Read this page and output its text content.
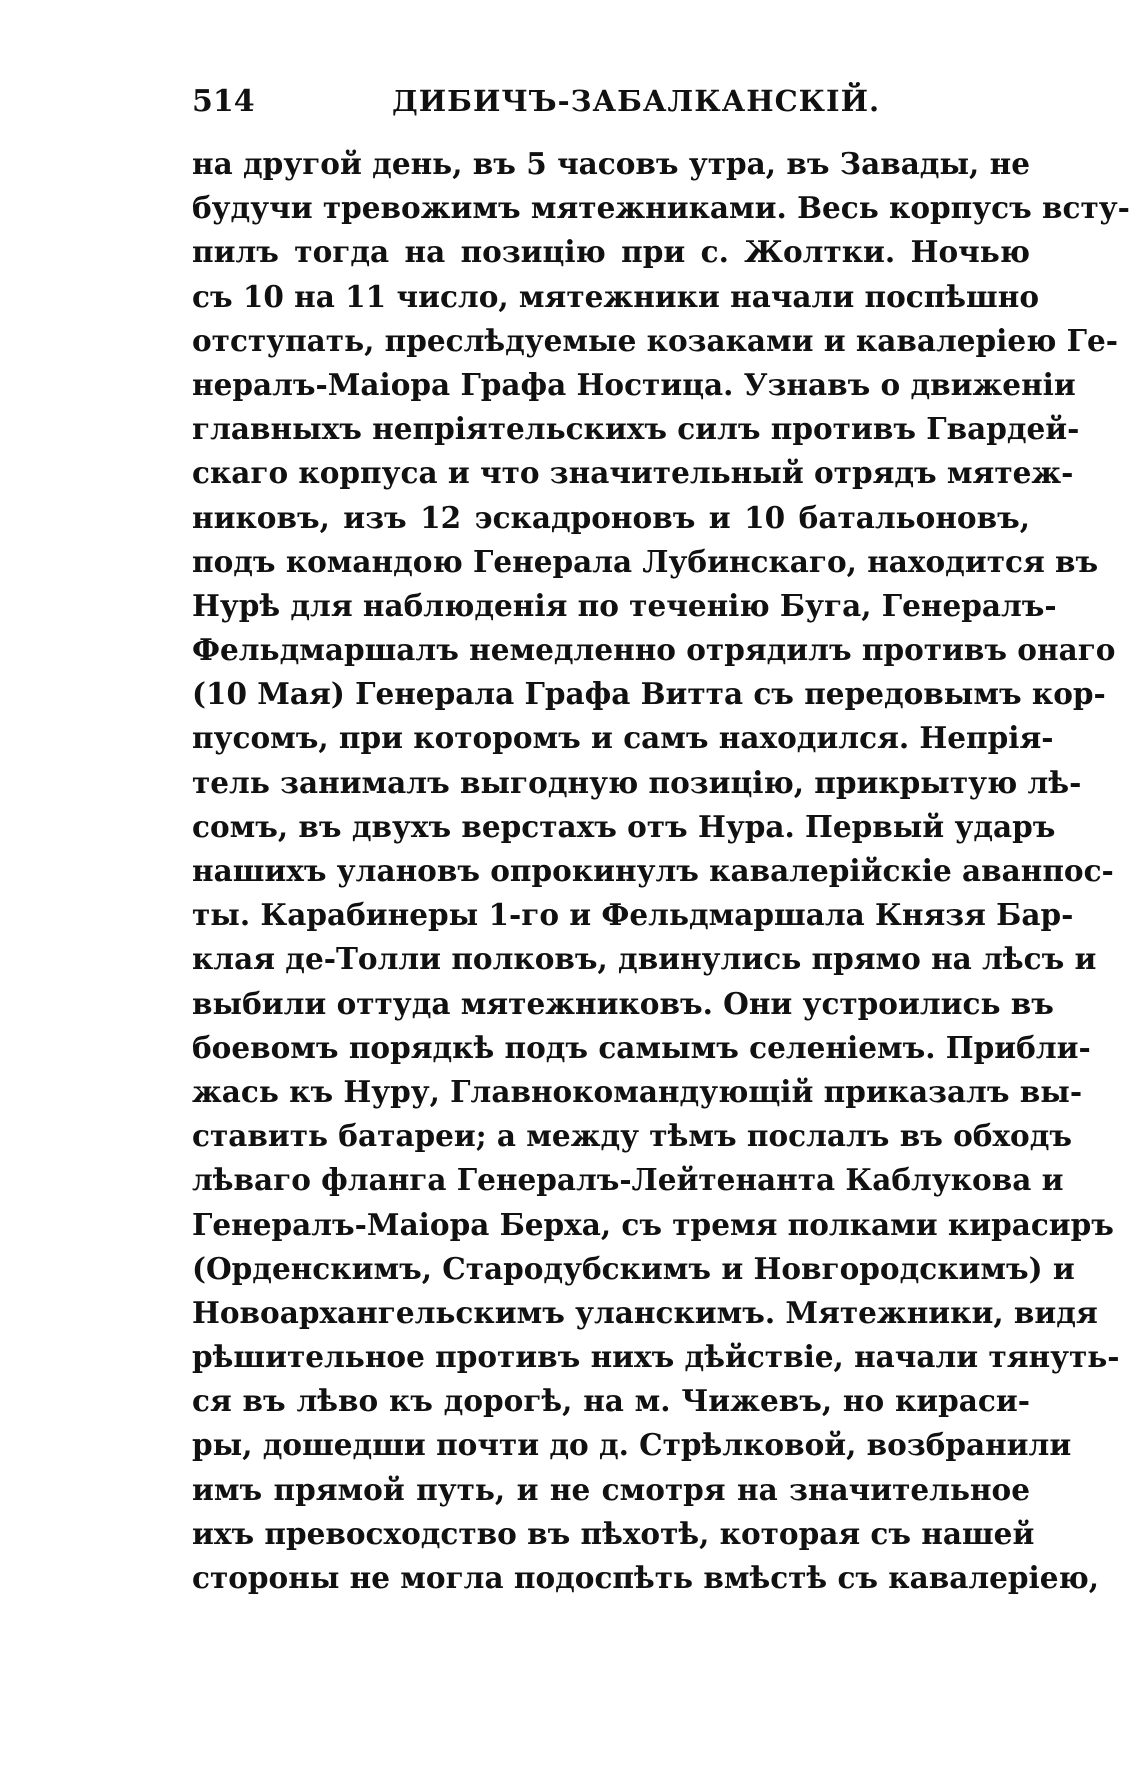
514	ДИБИЧЪ-ЗАБАЛКАНСКІЙ.
на другой день, въ 5 часовъ утра, въ Завады, не
будучи тревожимъ мятежниками. Весь корпусъ всту-
пилъ тогда на позицію при с. Жолтки. Ночью
съ 10 на 11 число, мятежники начали поспѣшно
отступать, преслѣдуемые козаками и кавалеріею Ге-
нералъ-Маіора Графа Ностица. Узнавъ о движеніи
главныхъ непріятельскихъ силъ противъ Гвардей-
скаго корпуса и что значительный отрядъ мятеж-
никовъ, изъ 12 эскадроновъ и 10 батальоновъ,
подъ командою Генерала Лубинскаго, находится въ
Нурѣ для наблюденія по теченію Буга, Генералъ-
Фельдмаршалъ немедленно отрядилъ противъ онаго
(10 Мая) Генерала Графа Витта съ передовымъ кор-
пусомъ, при которомъ и самъ находился. Непрія-
тель занималъ выгодную позицію, прикрытую лѣ-
сомъ, въ двухъ верстахъ отъ Нура. Первый ударъ
нашихъ улановъ опрокинулъ кавалерійскіе аванпос-
ты. Карабинеры 1-го и Фельдмаршала Князя Бар-
клая де-Толли полковъ, двинулись прямо на лѣсъ и
выбили оттуда мятежниковъ. Они устроились въ
боевомъ порядкѣ подъ самымъ селеніемъ. Прибли-
жась къ Нуру, Главнокомандующій приказалъ вы-
ставить батареи; а между тѣмъ послалъ въ обходъ
лѣваго фланга Генералъ-Лейтенанта Каблукова и
Генералъ-Маіора Берха, съ тремя полками кирасиръ
(Орденскимъ, Стародубскимъ и Новгородскимъ) и
Новоархангельскимъ уланскимъ. Мятежники, видя
рѣшительное противъ нихъ дѣйствіе, начали тянуть-
ся въ лѣво къ дорогѣ, на м. Чижевъ, но кираси-
ры, дошедши почти до д. Стрѣлковой, возбранили
имъ прямой путь, и не смотря на значительное
ихъ превосходство въ пѣхотѣ, которая съ нашей
стороны не могла подоспѣть вмѣстѣ съ кавалеріею,
